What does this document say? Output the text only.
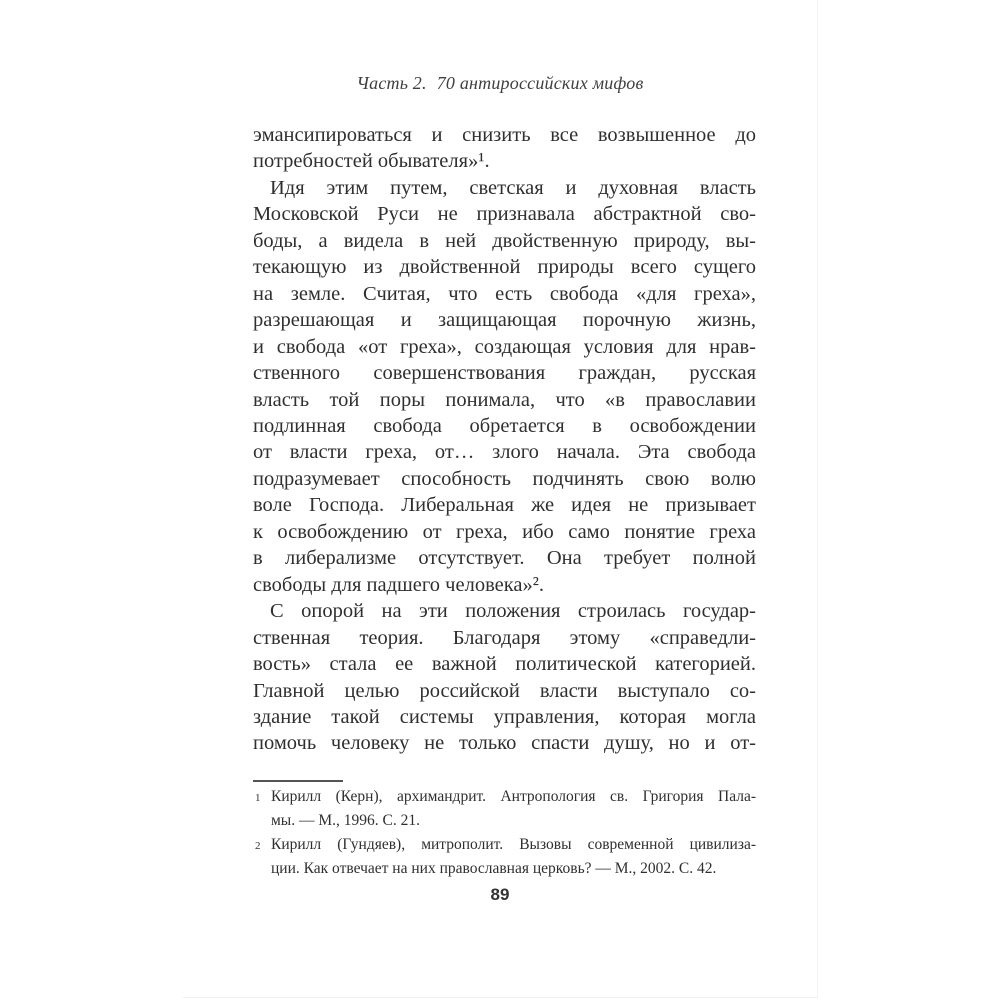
Часть 2. 70 антироссийских мифов
эмансипироваться и снизить все возвышенное до
потребностей обывателя»¹.
Идя этим путем, светская и духовная власть
Московской Руси не признавала абстрактной сво-
боды, а видела в ней двойственную природу, вы-
текающую из двойственной природы всего сущего
на земле. Считая, что есть свобода «для греха»,
разрешающая и защищающая порочную жизнь,
и свобода «от греха», создающая условия для нрав-
ственного совершенствования граждан, русская
власть той поры понимала, что «в православии
подлинная свобода обретается в освобождении
от власти греха, от… злого начала. Эта свобода
подразумевает способность подчинять свою волю
воле Господа. Либеральная же идея не призывает
к освобождению от греха, ибо само понятие греха
в либерализме отсутствует. Она требует полной
свободы для падшего человека»².
С опорой на эти положения строилась государ-
ственная теория. Благодаря этому «справедли-
вость» стала ее важной политической категорией.
Главной целью российской власти выступало со-
здание такой системы управления, которая могла
помочь человеку не только спасти душу, но и от-
1 Кирилл (Керн), архимандрит. Антропология св. Григория Пала-
мы. — М., 1996. С. 21.
2 Кирилл (Гундяев), митрополит. Вызовы современной цивилиза-
ции. Как отвечает на них православная церковь? — М., 2002. С. 42.
89
